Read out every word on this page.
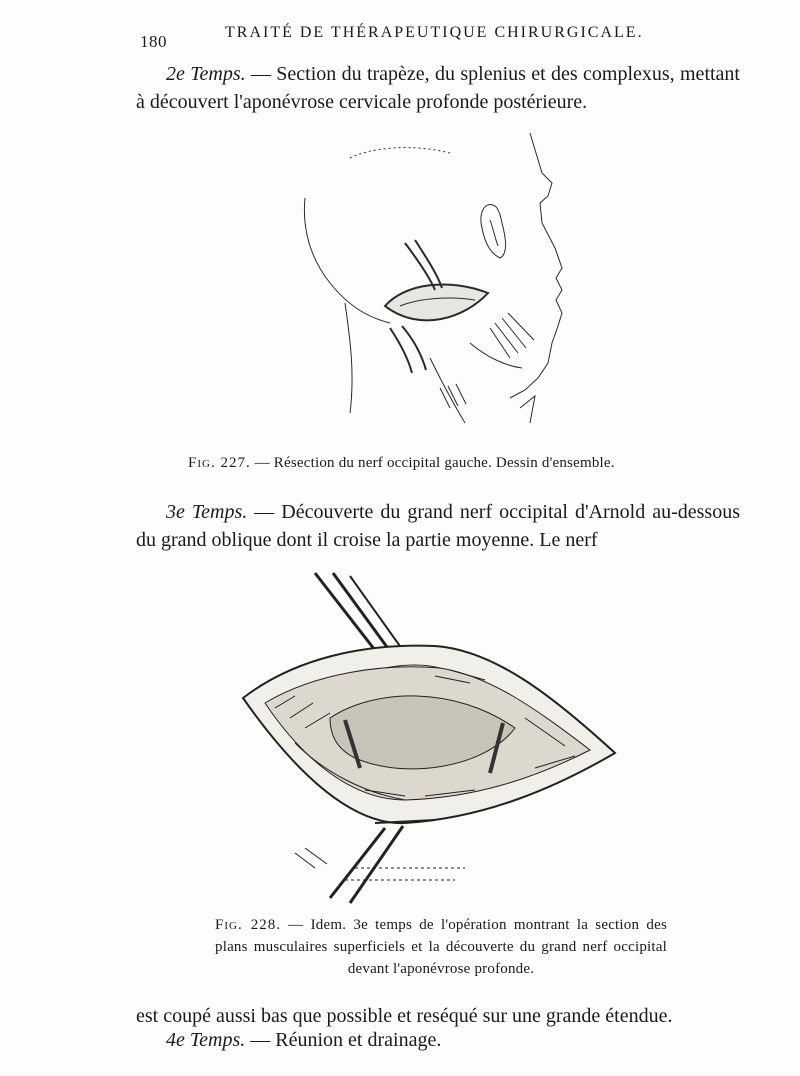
180	TRAITÉ DE THÉRAPEUTIQUE CHIRURGICALE.
2e Temps. — Section du trapèze, du splenius et des complexus, mettant à découvert l'aponévrose cervicale profonde postérieure.
Fig. 227. — Résection du nerf occipital gauche. Dessin d'ensemble.
3e Temps. — Découverte du grand nerf occipital d'Arnold au-dessous du grand oblique dont il croise la partie moyenne. Le nerf
Fig. 228. — Idem. 3e temps de l'opération montrant la section des plans musculaires superficiels et la découverte du grand nerf occipital devant l'aponévrose profonde.
est coupé aussi bas que possible et reséqué sur une grande étendue.
4e Temps. — Réunion et drainage.
